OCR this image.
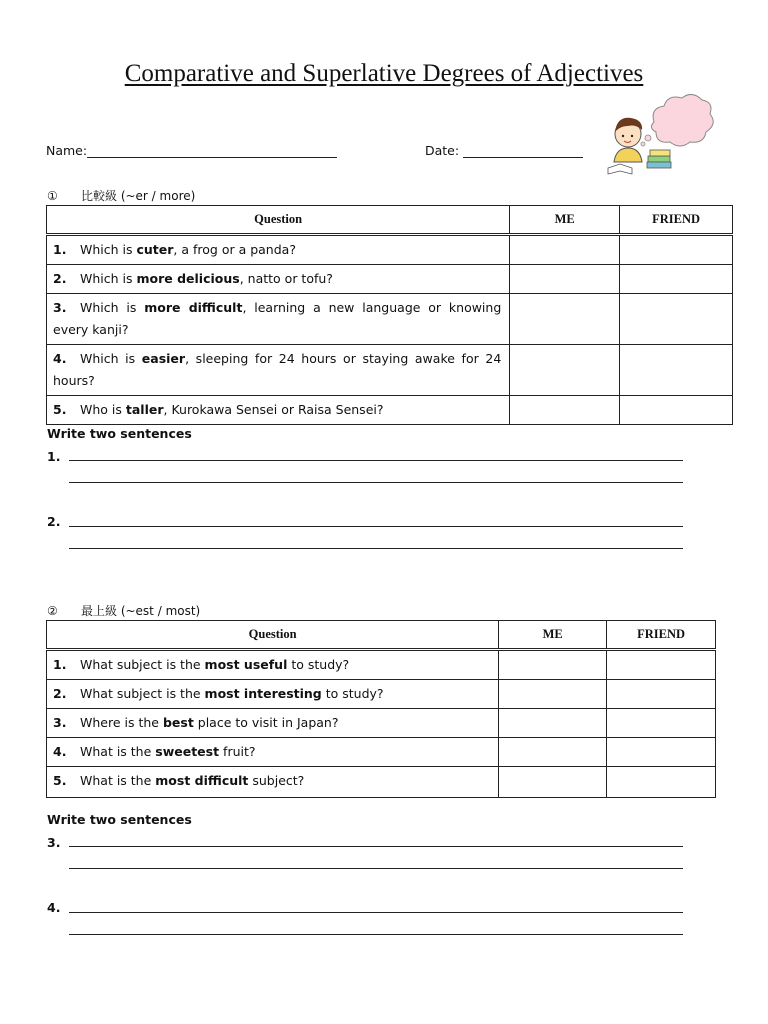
Comparative and Superlative Degrees of Adjectives
Name:	Date:
① 比較級 (~er / more)
Question	ME	FRIEND
1. Which is cuter, a frog or a panda?		
2. Which is more delicious, natto or tofu?		
3. Which is more difficult, learning a new language or knowing every kanji?		
4. Which is easier, sleeping for 24 hours or staying awake for 24 hours?		
5. Who is taller, Kurokawa Sensei or Raisa Sensei?		
Write two sentences
1.
2.
② 最上級 (~est / most)
Question	ME	FRIEND
1. What subject is the most useful to study?		
2. What subject is the most interesting to study?		
3. Where is the best place to visit in Japan?		
4. What is the sweetest fruit?		
5. What is the most difficult subject?		
Write two sentences
3.
4.
